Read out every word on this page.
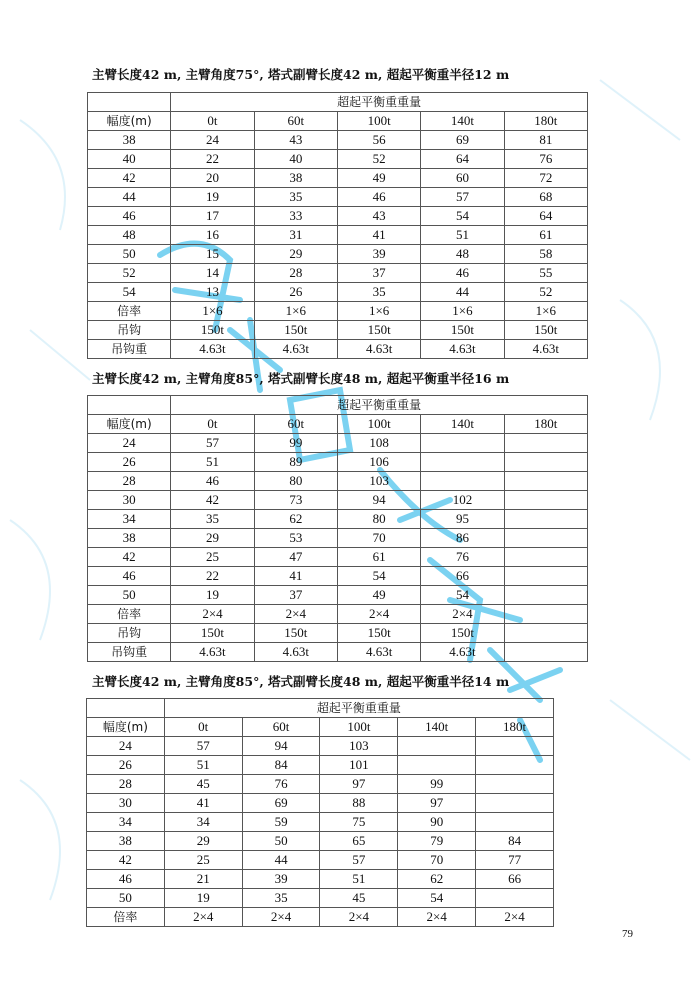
主臂长度42 m, 主臂角度75°, 塔式副臂长度42 m, 超起平衡重半径12 m
	超起平衡重重量				
幅度(m)	0t	60t	100t	140t	180t
38	24	43	56	69	81
40	22	40	52	64	76
42	20	38	49	60	72
44	19	35	46	57	68
46	17	33	43	54	64
48	16	31	41	51	61
50	15	29	39	48	58
52	14	28	37	46	55
54	13	26	35	44	52
倍率	1×6	1×6	1×6	1×6	1×6
吊钩	150t	150t	150t	150t	150t
吊钩重	4.63t	4.63t	4.63t	4.63t	4.63t
主臂长度42 m, 主臂角度85°, 塔式副臂长度48 m, 超起平衡重半径16 m
	超起平衡重重量				
幅度(m)	0t	60t	100t	140t	180t
24	57	99	108		
26	51	89	106		
28	46	80	103		
30	42	73	94	102	
34	35	62	80	95	
38	29	53	70	86	
42	25	47	61	76	
46	22	41	54	66	
50	19	37	49	54	
倍率	2×4	2×4	2×4	2×4	
吊钩	150t	150t	150t	150t	
吊钩重	4.63t	4.63t	4.63t	4.63t	
主臂长度42 m, 主臂角度85°, 塔式副臂长度48 m, 超起平衡重半径14 m
	超起平衡重重量				
幅度(m)	0t	60t	100t	140t	180t
24	57	94	103		
26	51	84	101		
28	45	76	97	99	
30	41	69	88	97	
34	34	59	75	90	
38	29	50	65	79	84
42	25	44	57	70	77
46	21	39	51	62	66
50	19	35	45	54	
倍率	2×4	2×4	2×4	2×4	2×4
79
